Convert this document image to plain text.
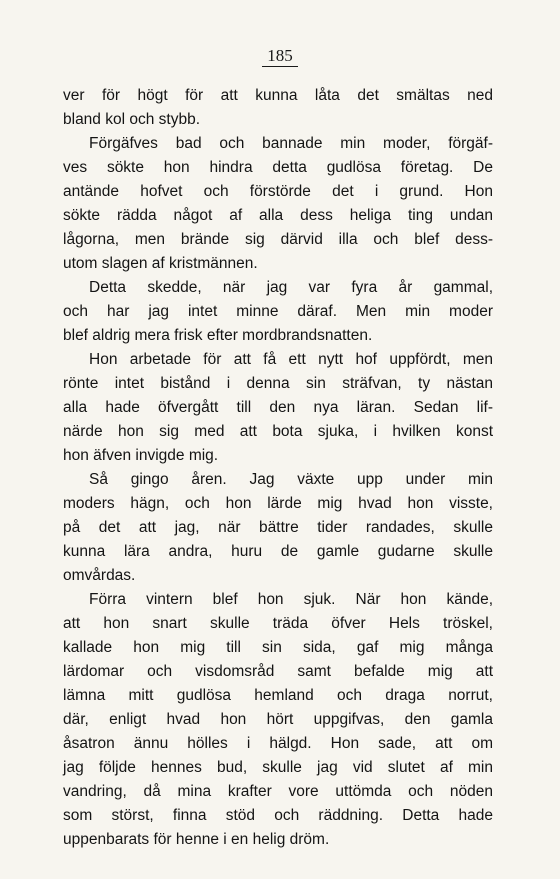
185
ver för högt för att kunna låta det smältas ned
bland kol och stybb.
Förgäfves bad och bannade min moder, förgäf-
ves sökte hon hindra detta gudlösa företag. De
antände hofvet och förstörde det i grund. Hon
sökte rädda något af alla dess heliga ting undan
lågorna, men brände sig därvid illa och blef dess-
utom slagen af kristmännen.
Detta skedde, när jag var fyra år gammal,
och har jag intet minne däraf. Men min moder
blef aldrig mera frisk efter mordbrandsnatten.
Hon arbetade för att få ett nytt hof uppfördt, men
rönte intet bistånd i denna sin sträfvan, ty nästan
alla hade öfvergått till den nya läran. Sedan lif-
närde hon sig med att bota sjuka, i hvilken konst
hon äfven invigde mig.
Så gingo åren. Jag växte upp under min
moders hägn, och hon lärde mig hvad hon visste,
på det att jag, när bättre tider randades, skulle
kunna lära andra, huru de gamle gudarne skulle
omvårdas.
Förra vintern blef hon sjuk. När hon kände,
att hon snart skulle träda öfver Hels tröskel,
kallade hon mig till sin sida, gaf mig många
lärdomar och visdomsråd samt befalde mig att
lämna mitt gudlösa hemland och draga norrut,
där, enligt hvad hon hört uppgifvas, den gamla
åsatron ännu hölles i hälgd. Hon sade, att om
jag följde hennes bud, skulle jag vid slutet af min
vandring, då mina krafter vore uttömda och nöden
som störst, finna stöd och räddning. Detta hade
uppenbarats för henne i en helig dröm.
